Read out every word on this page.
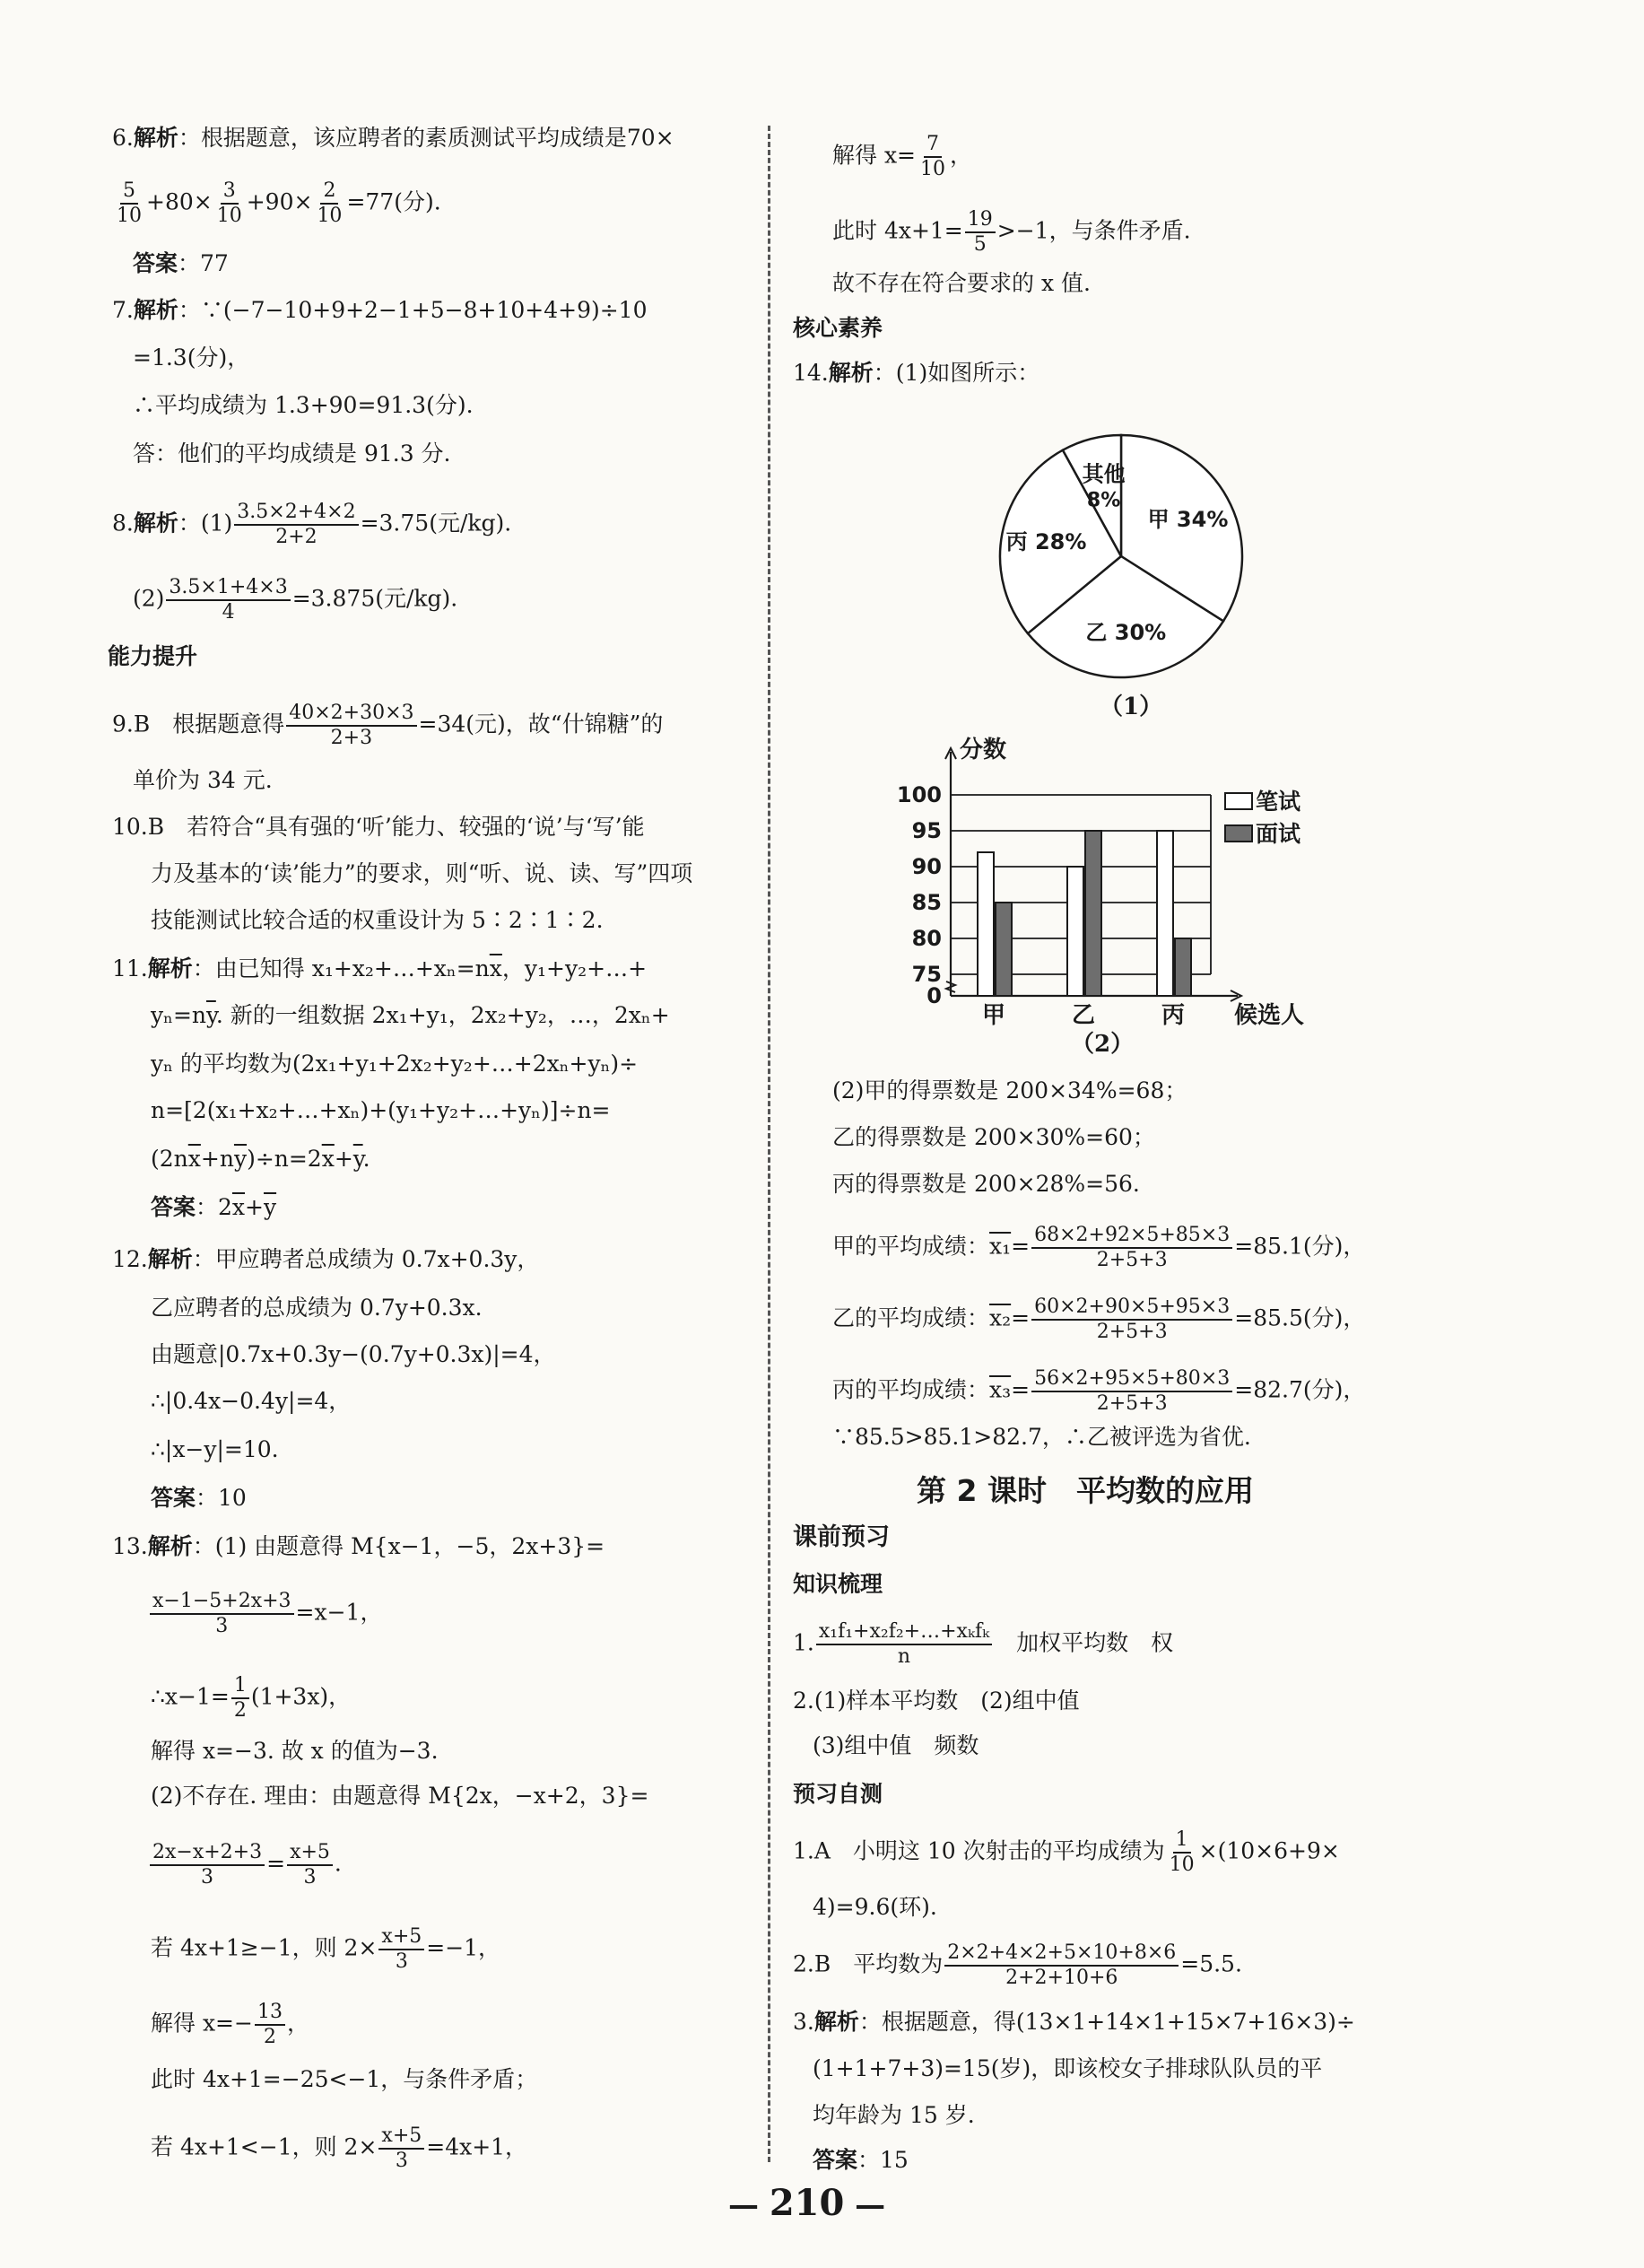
6.解析：根据题意，该应聘者的素质测试平均成绩是70×
$\frac{5}{10} +80\times \frac{3}{10} +90\times \frac{2}{10} =77$(分).
答案：77
7.解析：∵(−7−10+9+2−1+5−8+10+4+9)÷10
=1.3(分)，
∴平均成绩为 1.3+90=91.3(分).
答：他们的平均成绩是 91.3 分.
8.解析：$(1) \frac{3.5\times 2+4\times 2}{2+2} =3.75$(元/kg).
$(2) \frac{3.5\times 1+4\times 3}{4} =3.875$(元/kg).
能力提升
9.B　根据题意得 $\frac{40\times 2+30\times 3}{2+3} =34$(元)，故“什锦糖”的
单价为 34 元.
10.B　若符合“具有强的‘听’能力、较强的‘说’与‘写’能
力及基本的‘读’能力”的要求，则“听、说、读、写”四项
技能测试比较合适的权重设计为 5∶2∶1∶2.
11.解析：由已知得 $x_1+x_2+\dots+x_n=n\overline{x}$，y₁+y₂+…+
$y_n=n\overline{y}$. 新的一组数据 2x₁+y₁，2x₂+y₂，…，2xₙ+
yₙ 的平均数为(2x₁+y₁+2x₂+y₂+…+2xₙ+yₙ)÷
n=[2(x₁+x₂+…+xₙ)+(y₁+y₂+…+yₙ)]÷n=
$(2n\overline{x}+n\overline{y})\div n=2\overline{x}+\overline{y}$.
答案：$2\overline{x}+\overline{y}$
12.解析：甲应聘者总成绩为 0.7x+0.3y，
乙应聘者的总成绩为 0.7y+0.3x.
由题意|0.7x+0.3y−(0.7y+0.3x)|=4，
∴|0.4x−0.4y|=4，
∴|x−y|=10.
答案：10
13.解析：(1) 由题意得 M{x−1，−5，2x+3}=
$\frac{x-1-5+2x+3}{3} =x-1$，
∴x−1= $\frac{1}{2} (1+3x)$，
解得 x=−3. 故 x 的值为−3.
(2)不存在. 理由：由题意得 M{2x，−x+2，3}=
$\frac{2x-x+2+3}{3} = \frac{x+5}{3}$ .
若 4x+1≥−1，则 $2\times \frac{x+5}{3} =-1$，
解得 $x=- \frac{13}{2}$ ，
此时 4x+1=−25<−1，与条件矛盾；
若 4x+1<−1，则 $2\times \frac{x+5}{3} =4x+1$，
解得 $x= \frac{7}{10}$ ，
此时 $4x+1= \frac{19}{5} >-1$，与条件矛盾.
故不存在符合要求的 x 值.
核心素养
14.解析：(1)如图所示：
甲 34%
乙 30%
丙 28%
其他
8%
（1）
0
75
80
85
90
95
100
分数
甲	乙	丙 候选人
笔试
面试
（2）
(2)甲的得票数是 200×34%=68；
乙的得票数是 200×30%=60；
丙的得票数是 200×28%=56.
甲的平均成绩：$x_1= \frac{68\times 2+92\times 5+85\times 3}{2+5+3} =85.1$(分)，
乙的平均成绩：$x_2= \frac{60\times 2+90\times 5+95\times 3}{2+5+3} =85.5$(分)，
丙的平均成绩：$x_3= \frac{56\times 2+95\times 5+80\times 3}{2+5+3} =82.7$(分)，
∵85.5>85.1>82.7，∴乙被评选为省优.
第 2 课时　平均数的应用
课前预习
知识梳理
1. x₁f₁+x₂f₂+…+xₖfₖ
n
　加权平均数　权
2.(1)样本平均数　(2)组中值
(3)组中值　频数
预习自测
1.A　小明这 10 次射击的平均成绩为 $\frac{1}{10} \times(10\times 6+9\times$
4)=9.6(环).
2.B　平均数为 $\frac{2\times 2+4\times 2+5\times 10+8\times 6}{2+2+10+6} =5.5$.
3.解析：根据题意，得(13×1+14×1+15×7+16×3)÷
(1+1+7+3)=15(岁)，即该校女子排球队队员的平
均年龄为 15 岁.
答案：15
— 210 —
